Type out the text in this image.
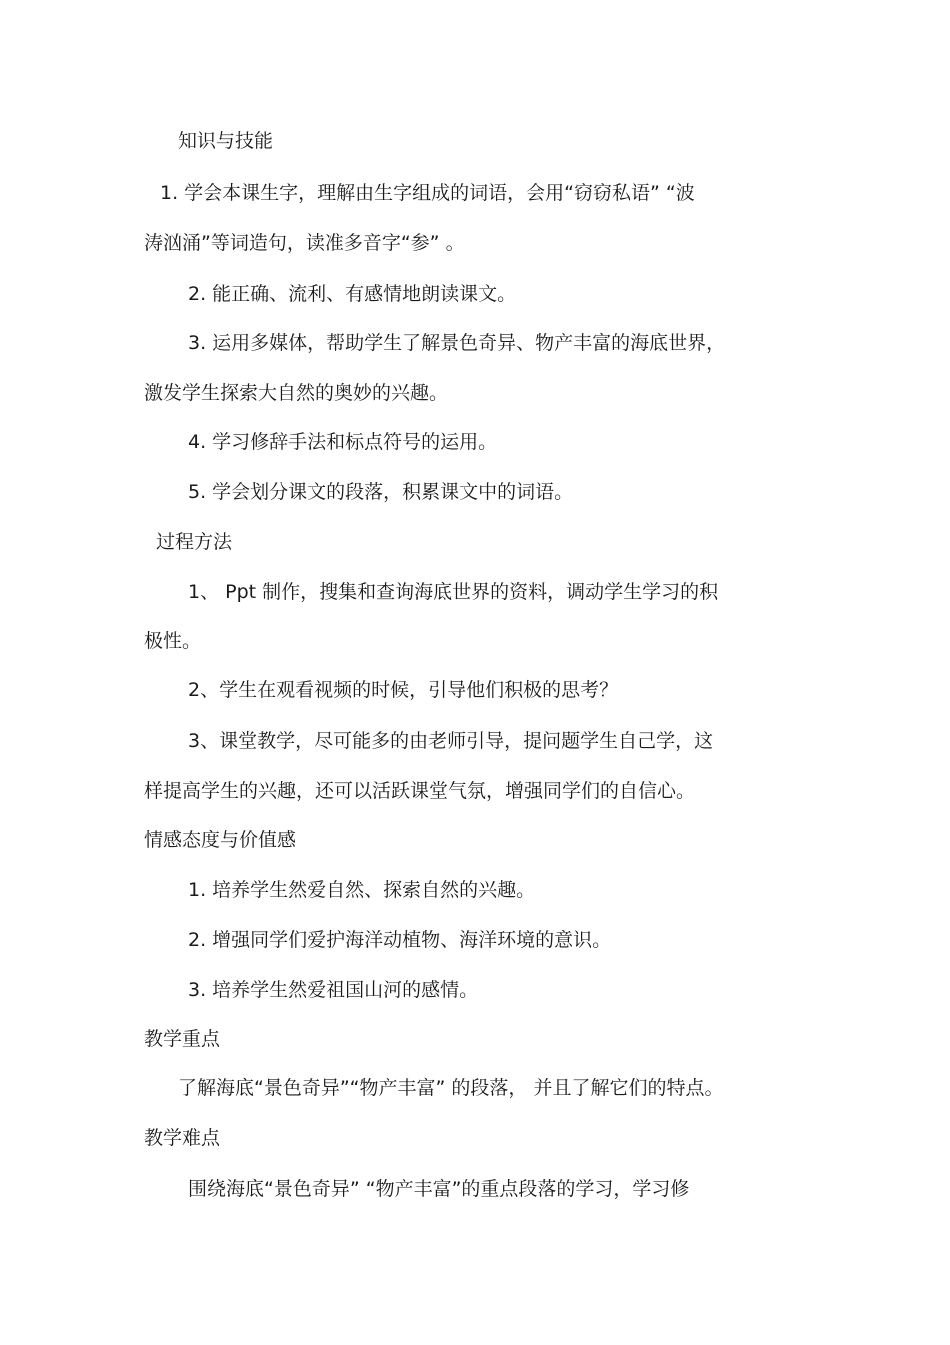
知识与技能
1. 学会本课生字，理解由生字组成的词语，会用“窃窃私语” “波
涛汹涌”等词造句，读准多音字“参” 。
2. 能正确、流利、有感情地朗读课文。
3. 运用多媒体，帮助学生了解景色奇异、物产丰富的海底世界，
激发学生探索大自然的奥妙的兴趣。
4. 学习修辞手法和标点符号的运用。
5. 学会划分课文的段落，积累课文中的词语。
过程方法
1、 Ppt 制作，搜集和查询海底世界的资料，调动学生学习的积
极性。
2、学生在观看视频的时候，引导他们积极的思考？
3、课堂教学，尽可能多的由老师引导，提问题学生自己学，这
样提高学生的兴趣，还可以活跃课堂气氛，增强同学们的自信心。
情感态度与价值感
1. 培养学生然爱自然、探索自然的兴趣。
2. 增强同学们爱护海洋动植物、海洋环境的意识。
3. 培养学生然爱祖国山河的感情。
教学重点
了解海底“景色奇异”“物产丰富” 的段落， 并且了解它们的特点。
教学难点
围绕海底“景色奇异” “物产丰富”的重点段落的学习，学习修
